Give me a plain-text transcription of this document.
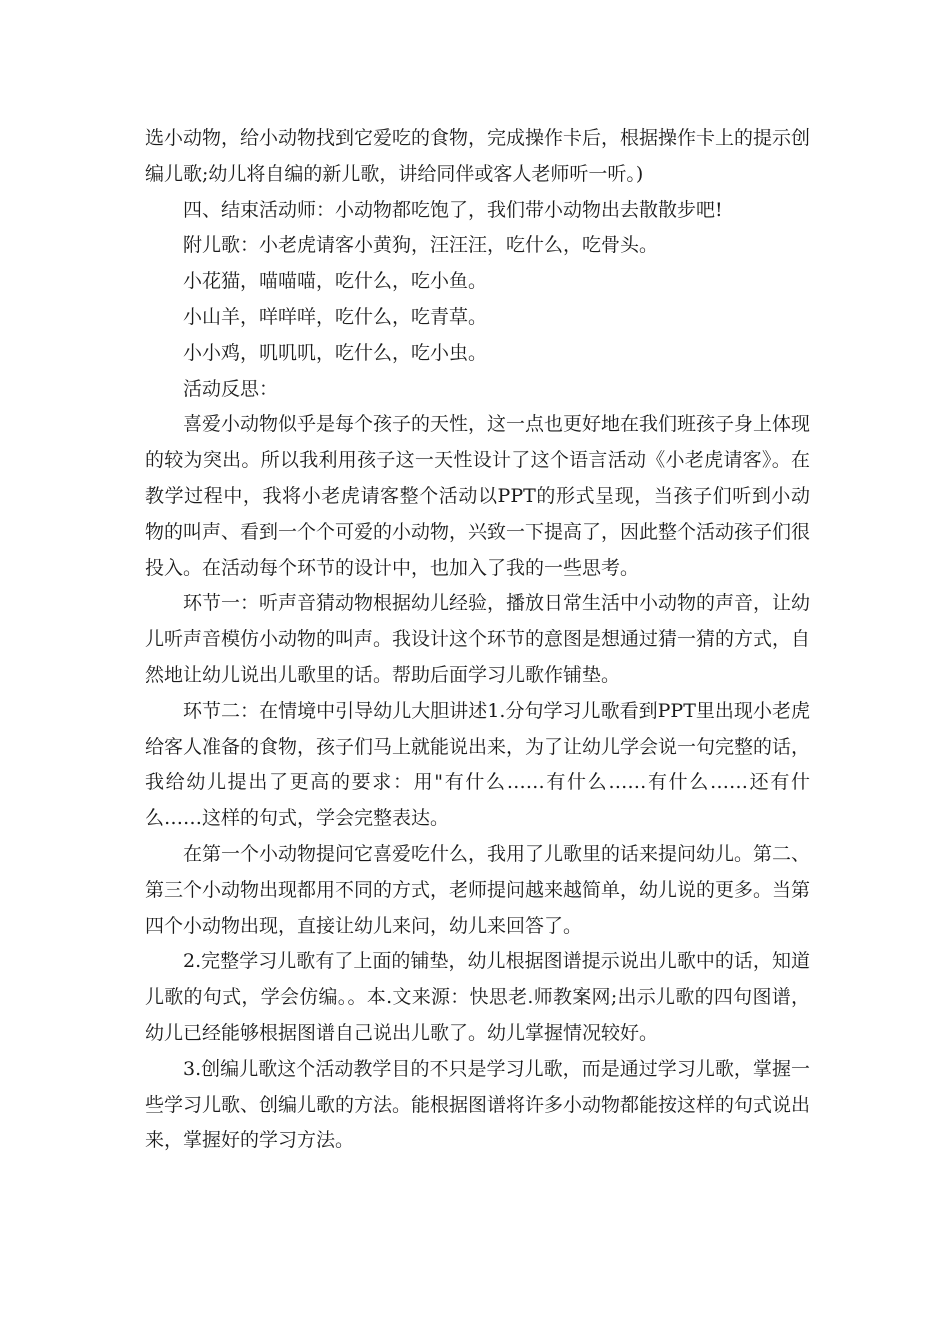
选小动物，给小动物找到它爱吃的食物，完成操作卡后，根据操作卡上的提示创编儿歌;幼儿将自编的新儿歌，讲给同伴或客人老师听一听。)

四、结束活动师：小动物都吃饱了，我们带小动物出去散散步吧!

附儿歌：小老虎请客小黄狗，汪汪汪，吃什么，吃骨头。

小花猫，喵喵喵，吃什么，吃小鱼。

小山羊，咩咩咩，吃什么，吃青草。

小小鸡，叽叽叽，吃什么，吃小虫。

活动反思：

喜爱小动物似乎是每个孩子的天性，这一点也更好地在我们班孩子身上体现的较为突出。所以我利用孩子这一天性设计了这个语言活动《小老虎请客》。在教学过程中，我将小老虎请客整个活动以PPT的形式呈现，当孩子们听到小动物的叫声、看到一个个可爱的小动物，兴致一下提高了，因此整个活动孩子们很投入。在活动每个环节的设计中，也加入了我的一些思考。

环节一：听声音猜动物根据幼儿经验，播放日常生活中小动物的声音，让幼儿听声音模仿小动物的叫声。我设计这个环节的意图是想通过猜一猜的方式，自然地让幼儿说出儿歌里的话。帮助后面学习儿歌作铺垫。

环节二：在情境中引导幼儿大胆讲述1.分句学习儿歌看到PPT里出现小老虎给客人准备的食物，孩子们马上就能说出来，为了让幼儿学会说一句完整的话，我给幼儿提出了更高的要求：用"有什么……有什么……有什么……还有什么……这样的句式，学会完整表达。

在第一个小动物提问它喜爱吃什么，我用了儿歌里的话来提问幼儿。第二、第三个小动物出现都用不同的方式，老师提问越来越简单，幼儿说的更多。当第四个小动物出现，直接让幼儿来问，幼儿来回答了。

2.完整学习儿歌有了上面的铺垫，幼儿根据图谱提示说出儿歌中的话，知道儿歌的句式，学会仿编。。本.文来源：快思老.师教案网;出示儿歌的四句图谱，幼儿已经能够根据图谱自己说出儿歌了。幼儿掌握情况较好。

3.创编儿歌这个活动教学目的不只是学习儿歌，而是通过学习儿歌，掌握一些学习儿歌、创编儿歌的方法。能根据图谱将许多小动物都能按这样的句式说出来，掌握好的学习方法。
